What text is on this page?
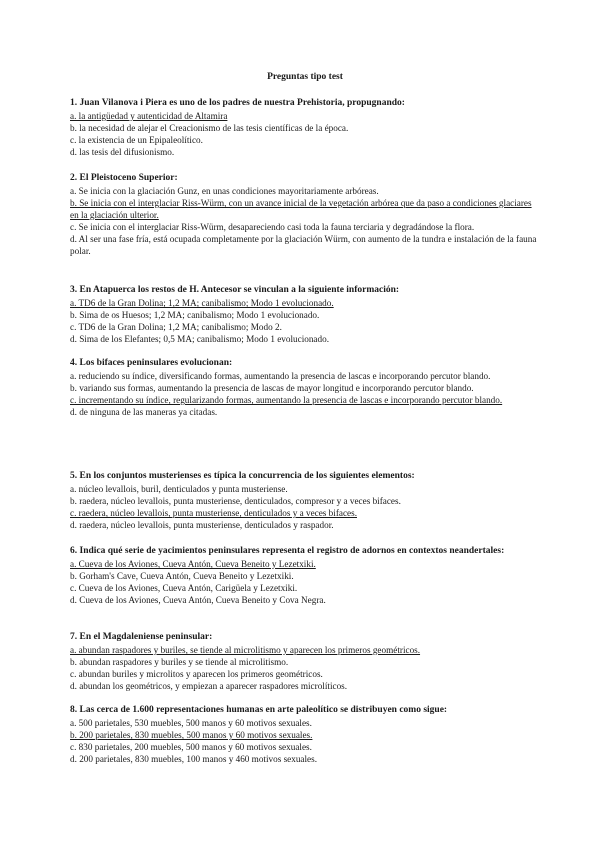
Preguntas tipo test

1. Juan Vilanova i Piera es uno de los padres de nuestra Prehistoria, propugnando:

a. la antigüedad y autenticidad de Altamira

b. la necesidad de alejar el Creacionismo de las tesis científicas de la época.

c. la existencia de un Epipaleolítico.

d. las tesis del difusionismo.

2. El Pleistoceno Superior:

a. Se inicia con la glaciación Gunz, en unas condiciones mayoritariamente arbóreas.

b. Se inicia con el interglaciar Riss-Würm, con un avance inicial de la vegetación arbórea que da paso a condiciones glaciares en la glaciación ulterior.

c. Se inicia con el interglaciar Riss-Würm, desapareciendo casi toda la fauna terciaria y degradándose la flora.

d. Al ser una fase fría, está ocupada completamente por la glaciación Würm, con aumento de la tundra e instalación de la fauna polar.

3. En Atapuerca los restos de H. Antecesor se vinculan a la siguiente información:

a. TD6 de la Gran Dolina; 1,2 MA; canibalismo; Modo 1 evolucionado.

b. Sima de os Huesos; 1,2 MA; canibalismo; Modo 1 evolucionado.

c. TD6 de la Gran Dolina; 1,2 MA; canibalismo; Modo 2.

d. Sima de los Elefantes; 0,5 MA; canibalismo; Modo 1 evolucionado.

4. Los bifaces peninsulares evolucionan:

a. reduciendo su índice, diversificando formas, aumentando la presencia de lascas e incorporando percutor blando.

b. variando sus formas, aumentando la presencia de lascas de mayor longitud e incorporando percutor blando.

c. incrementando su índice, regularizando formas, aumentando la presencia de lascas e incorporando percutor blando.

d. de ninguna de las maneras ya citadas.

5. En los conjuntos musterienses es típica la concurrencia de los siguientes elementos:

a. núcleo levallois, buril, denticulados y punta musteriense.

b. raedera, núcleo levallois, punta musteriense, denticulados, compresor y a veces bifaces.

c. raedera, núcleo levallois, punta musteriense, denticulados y a veces bifaces.

d. raedera, núcleo levallois, punta musteriense, denticulados y raspador.

6. Indica qué serie de yacimientos peninsulares representa el registro de adornos en contextos neandertales:

a. Cueva de los Aviones, Cueva Antón, Cueva Beneito y Lezetxiki.

b. Gorham's Cave, Cueva Antón, Cueva Beneito y Lezetxiki.

c. Cueva de los Aviones, Cueva Antón, Carigüela y Lezetxiki.

d. Cueva de los Aviones, Cueva Antón, Cueva Beneito y Cova Negra.

7. En el Magdaleniense peninsular:

a. abundan raspadores y buriles, se tiende al microlitismo y aparecen los primeros geométricos.

b. abundan raspadores y buriles y se tiende al microlitismo.

c. abundan buriles y microlitos y aparecen los primeros geométricos.

d. abundan los geométricos, y empiezan a aparecer raspadores microlíticos.

8. Las cerca de 1.600 representaciones humanas en arte paleolítico se distribuyen como sigue:

a. 500 parietales, 530 muebles, 500 manos y 60 motivos sexuales.

b. 200 parietales, 830 muebles, 500 manos y 60 motivos sexuales.

c. 830 parietales, 200 muebles, 500 manos y 60 motivos sexuales.

d. 200 parietales, 830 muebles, 100 manos y 460 motivos sexuales.
